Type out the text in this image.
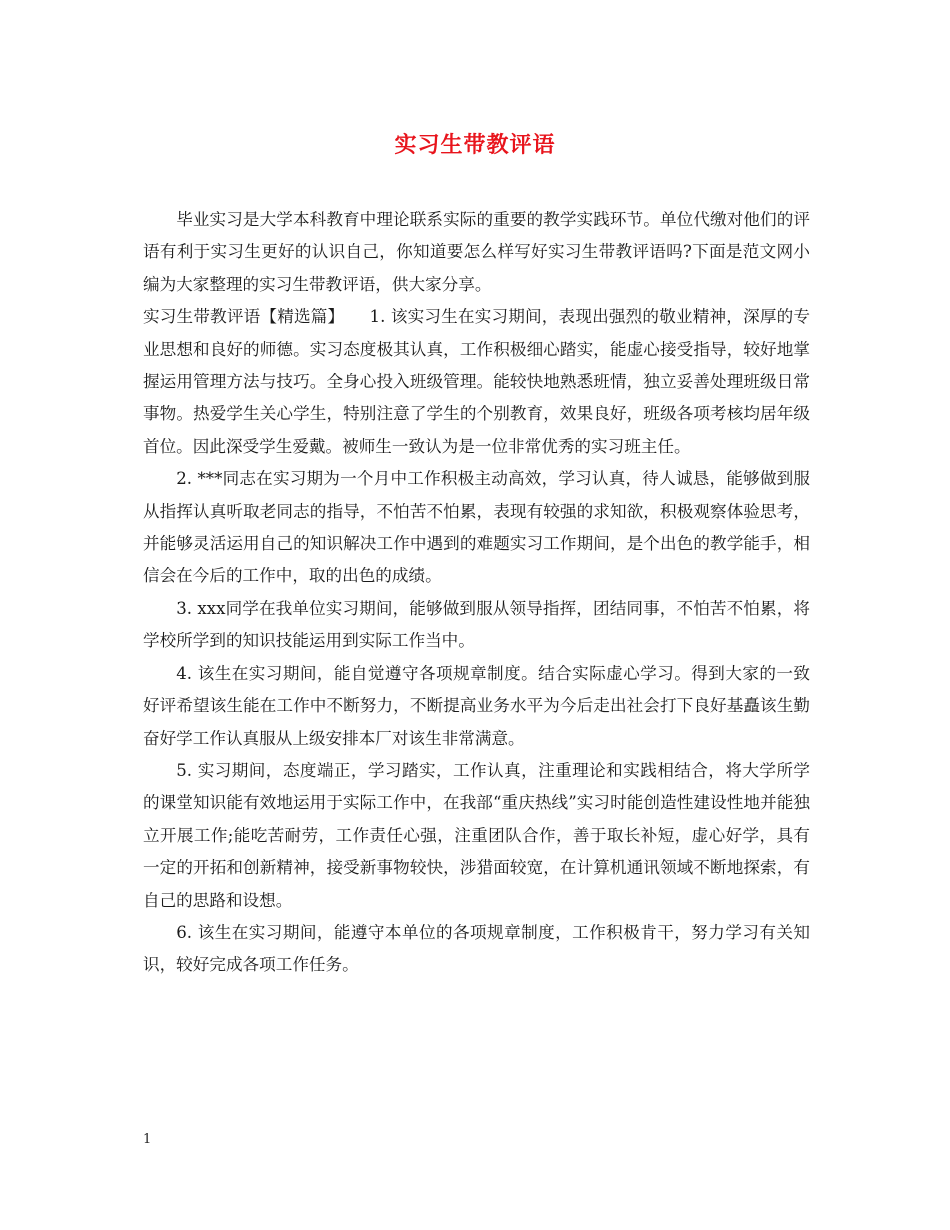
实习生带教评语

毕业实习是大学本科教育中理论联系实际的重要的教学实践环节。单位代缴对他们的评语有利于实习生更好的认识自己，你知道要怎么样写好实习生带教评语吗?下面是范文网小编为大家整理的实习生带教评语，供大家分享。

实习生带教评语【精选篇】　　1. 该实习生在实习期间，表现出强烈的敬业精神，深厚的专业思想和良好的师德。实习态度极其认真，工作积极细心踏实，能虚心接受指导，较好地掌握运用管理方法与技巧。全身心投入班级管理。能较快地熟悉班情，独立妥善处理班级日常事物。热爱学生关心学生，特别注意了学生的个别教育，效果良好，班级各项考核均居年级首位。因此深受学生爱戴。被师生一致认为是一位非常优秀的实习班主任。

2. ***同志在实习期为一个月中工作积极主动高效，学习认真，待人诚恳，能够做到服从指挥认真听取老同志的指导，不怕苦不怕累，表现有较强的求知欲，积极观察体验思考，并能够灵活运用自己的知识解决工作中遇到的难题实习工作期间，是个出色的教学能手，相信会在今后的工作中，取的出色的成绩。

3. xxx同学在我单位实习期间，能够做到服从领导指挥，团结同事，不怕苦不怕累，将学校所学到的知识技能运用到实际工作当中。

4. 该生在实习期间，能自觉遵守各项规章制度。结合实际虚心学习。得到大家的一致好评希望该生能在工作中不断努力，不断提高业务水平为今后走出社会打下良好基矗该生勤奋好学工作认真服从上级安排本厂对该生非常满意。

5. 实习期间，态度端正，学习踏实，工作认真，注重理论和实践相结合，将大学所学的课堂知识能有效地运用于实际工作中，在我部“重庆热线”实习时能创造性建设性地并能独立开展工作;能吃苦耐劳，工作责任心强，注重团队合作，善于取长补短，虚心好学，具有一定的开拓和创新精神，接受新事物较快，涉猎面较宽，在计算机通讯领域不断地探索，有自己的思路和设想。

6. 该生在实习期间，能遵守本单位的各项规章制度，工作积极肯干，努力学习有关知识，较好完成各项工作任务。

1
